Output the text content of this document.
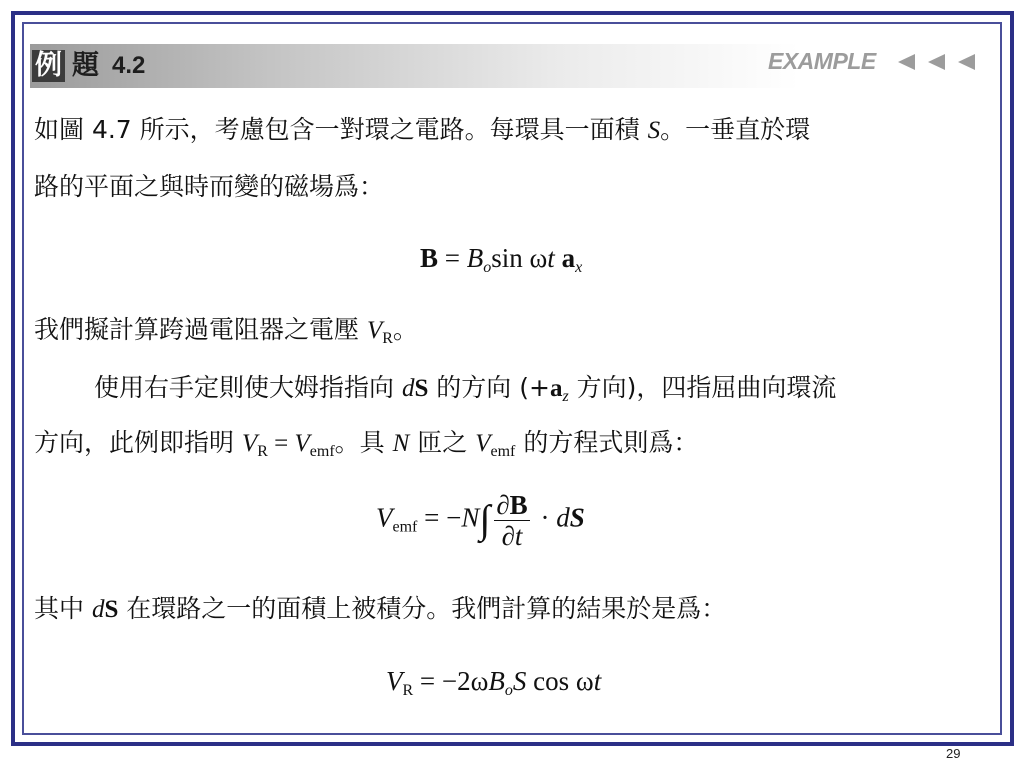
例 題 4.2	EXAMPLE
如圖 4.7 所示，考慮包含一對環之電路。每環具一面積 S。一垂直於環
路的平面之與時而變的磁場爲：
B = Bosin ωt ax
我們擬計算跨過電阻器之電壓 $V_R$。
使用右手定則使大姆指指向 dS 的方向 ($+a_z$ 方向)，四指屈曲向環流
方向，此例即指明 $V_R = V_{emf}$。具 N 匝之 $V_{emf}$ 的方程式則爲：
$V_{emf} = -N\int \frac{\partial B}{\partial t}$ · dS
其中 dS 在環路之一的面積上被積分。我們計算的結果於是爲：
$V_R = -2\omega BoS$ cos ωt
29
